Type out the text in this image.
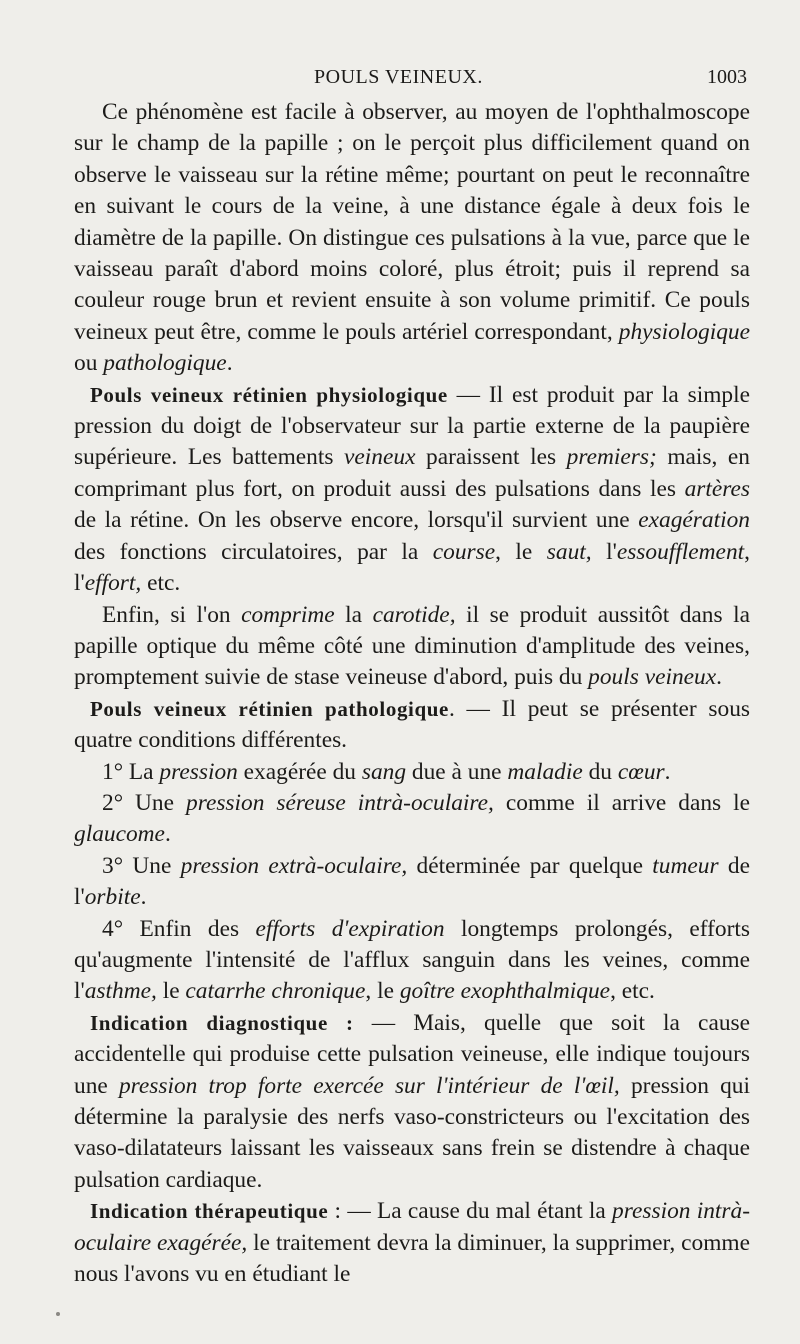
POULS VEINEUX.	1003

Ce phénomène est facile à observer, au moyen de l'ophthalmoscope sur le champ de la papille ; on le perçoit plus difficilement quand on observe le vaisseau sur la rétine même; pourtant on peut le reconnaître en suivant le cours de la veine, à une distance égale à deux fois le diamètre de la papille. On distingue ces pulsations à la vue, parce que le vaisseau paraît d'abord moins coloré, plus étroit; puis il reprend sa couleur rouge brun et revient ensuite à son volume primitif. Ce pouls veineux peut être, comme le pouls artériel correspondant, physiologique ou pathologique.

Pouls veineux rétinien physiologique — Il est produit par la simple pression du doigt de l'observateur sur la partie externe de la paupière supérieure. Les battements veineux paraissent les premiers; mais, en comprimant plus fort, on produit aussi des pulsations dans les artères de la rétine. On les observe encore, lorsqu'il survient une exagération des fonctions circulatoires, par la course, le saut, l'essoufflement, l'effort, etc.

Enfin, si l'on comprime la carotide, il se produit aussitôt dans la papille optique du même côté une diminution d'amplitude des veines, promptement suivie de stase veineuse d'abord, puis du pouls veineux.

Pouls veineux rétinien pathologique. — Il peut se présenter sous quatre conditions différentes.

1° La pression exagérée du sang due à une maladie du cœur.

2° Une pression séreuse intrà-oculaire, comme il arrive dans le glaucome.

3° Une pression extrà-oculaire, déterminée par quelque tumeur de l'orbite.

4° Enfin des efforts d'expiration longtemps prolongés, efforts qu'augmente l'intensité de l'afflux sanguin dans les veines, comme l'asthme, le catarrhe chronique, le goître exophthalmique, etc.

Indication diagnostique : — Mais, quelle que soit la cause accidentelle qui produise cette pulsation veineuse, elle indique toujours une pression trop forte exercée sur l'intérieur de l'œil, pression qui détermine la paralysie des nerfs vaso-constricteurs ou l'excitation des vaso-dilatateurs laissant les vaisseaux sans frein se distendre à chaque pulsation cardiaque.

Indication thérapeutique : — La cause du mal étant la pression intrà-oculaire exagérée, le traitement devra la diminuer, la supprimer, comme nous l'avons vu en étudiant le
